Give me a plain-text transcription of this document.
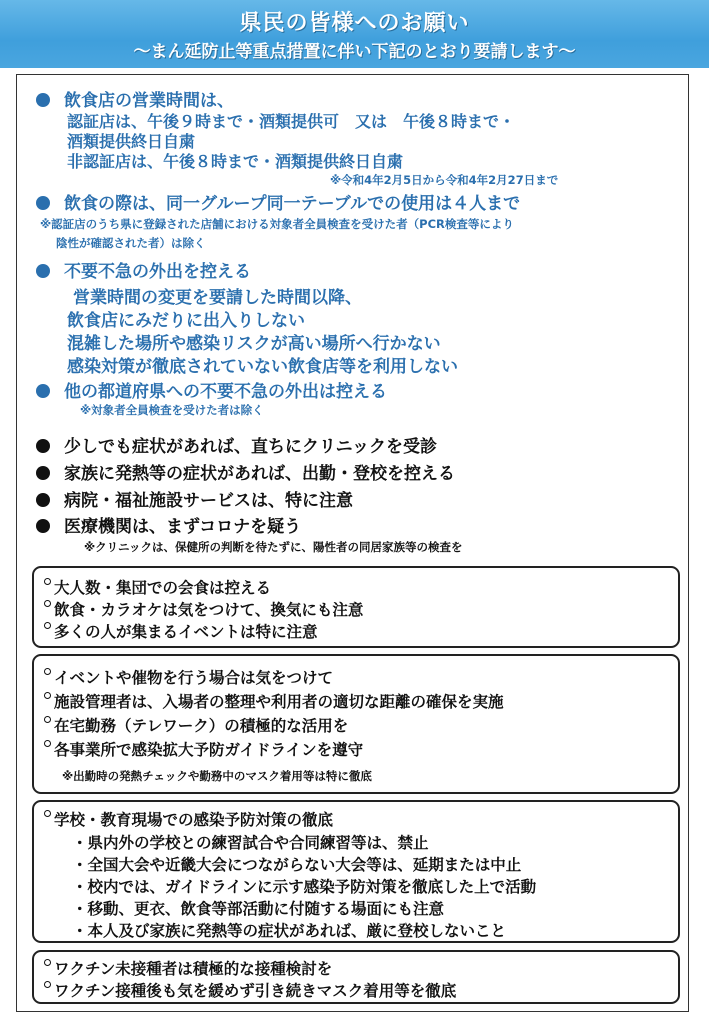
県民の皆様へのお願い
〜まん延防止等重点措置に伴い下記のとおり要請します〜
飲食店の営業時間は、
認証店は、午後９時まで・酒類提供可　又は　午後８時まで・
酒類提供終日自粛
非認証店は、午後８時まで・酒類提供終日自粛
※令和4年2月5日から令和4年2月27日まで
飲食の際は、同一グループ同一テーブルでの使用は４人まで
※認証店のうち県に登録された店舗における対象者全員検査を受けた者（PCR検査等により
陰性が確認された者）は除く
不要不急の外出を控える
営業時間の変更を要請した時間以降、
飲食店にみだりに出入りしない
混雑した場所や感染リスクが高い場所へ行かない
感染対策が徹底されていない飲食店等を利用しない
他の都道府県への不要不急の外出は控える
※対象者全員検査を受けた者は除く
少しでも症状があれば、直ちにクリニックを受診
家族に発熱等の症状があれば、出勤・登校を控える
病院・福祉施設サービスは、特に注意
医療機関は、まずコロナを疑う
※クリニックは、保健所の判断を待たずに、陽性者の同居家族等の検査を
大人数・集団での会食は控える
飲食・カラオケは気をつけて、換気にも注意
多くの人が集まるイベントは特に注意
イベントや催物を行う場合は気をつけて
施設管理者は、入場者の整理や利用者の適切な距離の確保を実施
在宅勤務（テレワーク）の積極的な活用を
各事業所で感染拡大予防ガイドラインを遵守
※出勤時の発熱チェックや勤務中のマスク着用等は特に徹底
学校・教育現場での感染予防対策の徹底
・県内外の学校との練習試合や合同練習等は、禁止
・全国大会や近畿大会につながらない大会等は、延期または中止
・校内では、ガイドラインに示す感染予防対策を徹底した上で活動
・移動、更衣、飲食等部活動に付随する場面にも注意
・本人及び家族に発熱等の症状があれば、厳に登校しないこと
ワクチン未接種者は積極的な接種検討を
ワクチン接種後も気を緩めず引き続きマスク着用等を徹底
